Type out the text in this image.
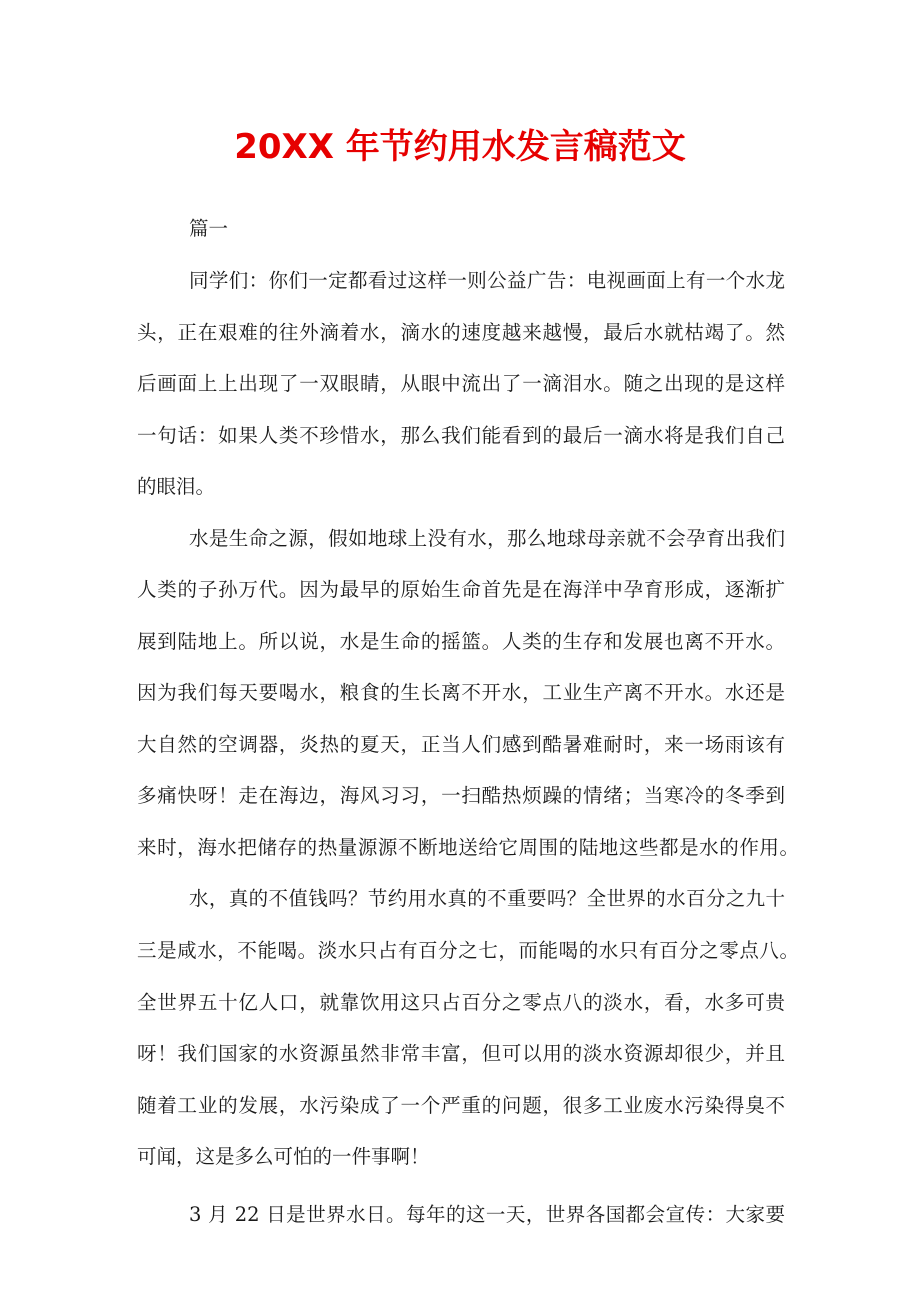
20XX 年节约用水发言稿范文

篇一

同学们：你们一定都看过这样一则公益广告：电视画面上有一个水龙

头，正在艰难的往外滴着水，滴水的速度越来越慢，最后水就枯竭了。然

后画面上上出现了一双眼睛，从眼中流出了一滴泪水。随之出现的是这样

一句话：如果人类不珍惜水，那么我们能看到的最后一滴水将是我们自己

的眼泪。

水是生命之源，假如地球上没有水，那么地球母亲就不会孕育出我们

人类的子孙万代。因为最早的原始生命首先是在海洋中孕育形成，逐渐扩

展到陆地上。所以说，水是生命的摇篮。人类的生存和发展也离不开水。

因为我们每天要喝水，粮食的生长离不开水，工业生产离不开水。水还是

大自然的空调器，炎热的夏天，正当人们感到酷暑难耐时，来一场雨该有

多痛快呀！走在海边，海风习习，一扫酷热烦躁的情绪；当寒冷的冬季到

来时，海水把储存的热量源源不断地送给它周围的陆地这些都是水的作用。

水，真的不值钱吗？节约用水真的不重要吗？全世界的水百分之九十

三是咸水，不能喝。淡水只占有百分之七，而能喝的水只有百分之零点八。

全世界五十亿人口，就靠饮用这只占百分之零点八的淡水，看，水多可贵

呀！我们国家的水资源虽然非常丰富，但可以用的淡水资源却很少，并且

随着工业的发展，水污染成了一个严重的问题，很多工业废水污染得臭不

可闻，这是多么可怕的一件事啊！

3 月 22 日是世界水日。每年的这一天，世界各国都会宣传：大家要
